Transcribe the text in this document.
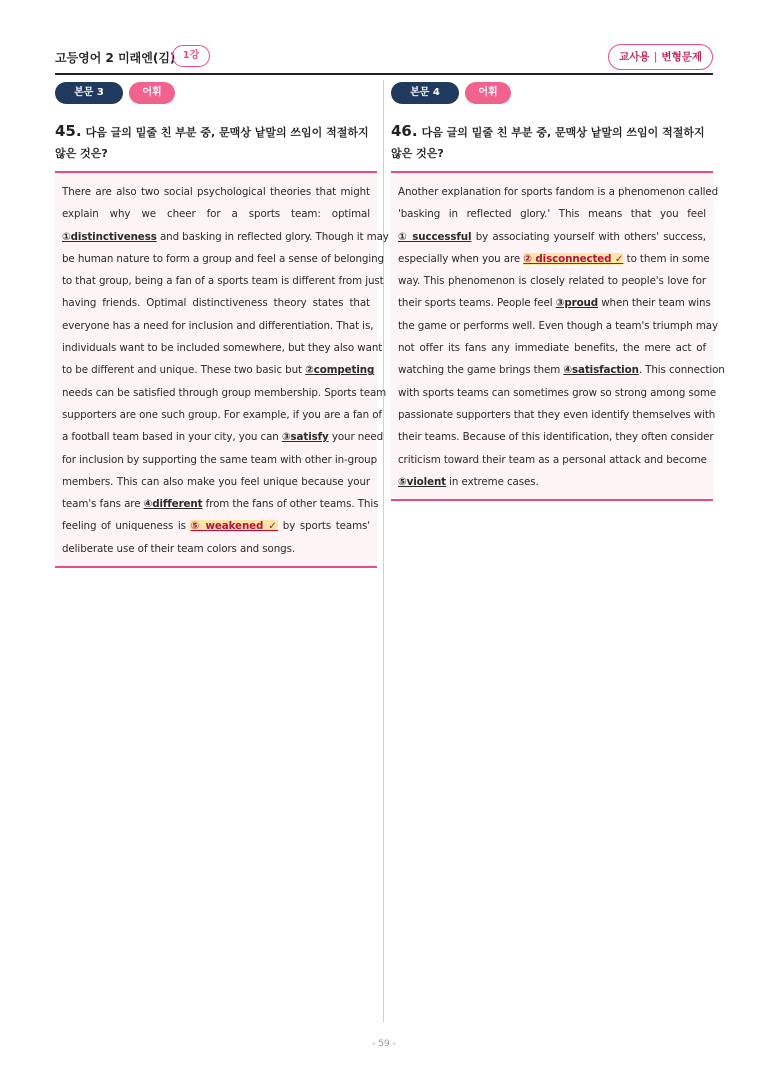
고등영어 2 미래엔(김) 1강	교사용 | 변형문제
본문 3	어휘
45. 다음 글의 밑줄 친 부분 중, 문맥상 낱말의 쓰임이 적절하지 않은 것은?
There are also two social psychological theories that might
explain why we cheer for a sports team: optimal
①distinctiveness and basking in reflected glory. Though it may
be human nature to form a group and feel a sense of belonging
to that group, being a fan of a sports team is different from just
having friends. Optimal distinctiveness theory states that
everyone has a need for inclusion and differentiation. That is,
individuals want to be included somewhere, but they also want
to be different and unique. These two basic but ②competing
needs can be satisfied through group membership. Sports team
supporters are one such group. For example, if you are a fan of
a football team based in your city, you can ③satisfy your need
for inclusion by supporting the same team with other in-group
members. This can also make you feel unique because your
team's fans are ④different from the fans of other teams. This
feeling of uniqueness is ⑤ weakened ✓ by sports teams'
deliberate use of their team colors and songs.
본문 4	어휘
46. 다음 글의 밑줄 친 부분 중, 문맥상 낱말의 쓰임이 적절하지 않은 것은?
Another explanation for sports fandom is a phenomenon called
'basking in reflected glory.' This means that you feel
① successful by associating yourself with others' success,
especially when you are ② disconnected ✓ to them in some
way. This phenomenon is closely related to people's love for
their sports teams. People feel ③proud when their team wins
the game or performs well. Even though a team's triumph may
not offer its fans any immediate benefits, the mere act of
watching the game brings them ④satisfaction. This connection
with sports teams can sometimes grow so strong among some
passionate supporters that they even identify themselves with
their teams. Because of this identification, they often consider
criticism toward their team as a personal attack and become
⑤violent in extreme cases.
- 59 -
